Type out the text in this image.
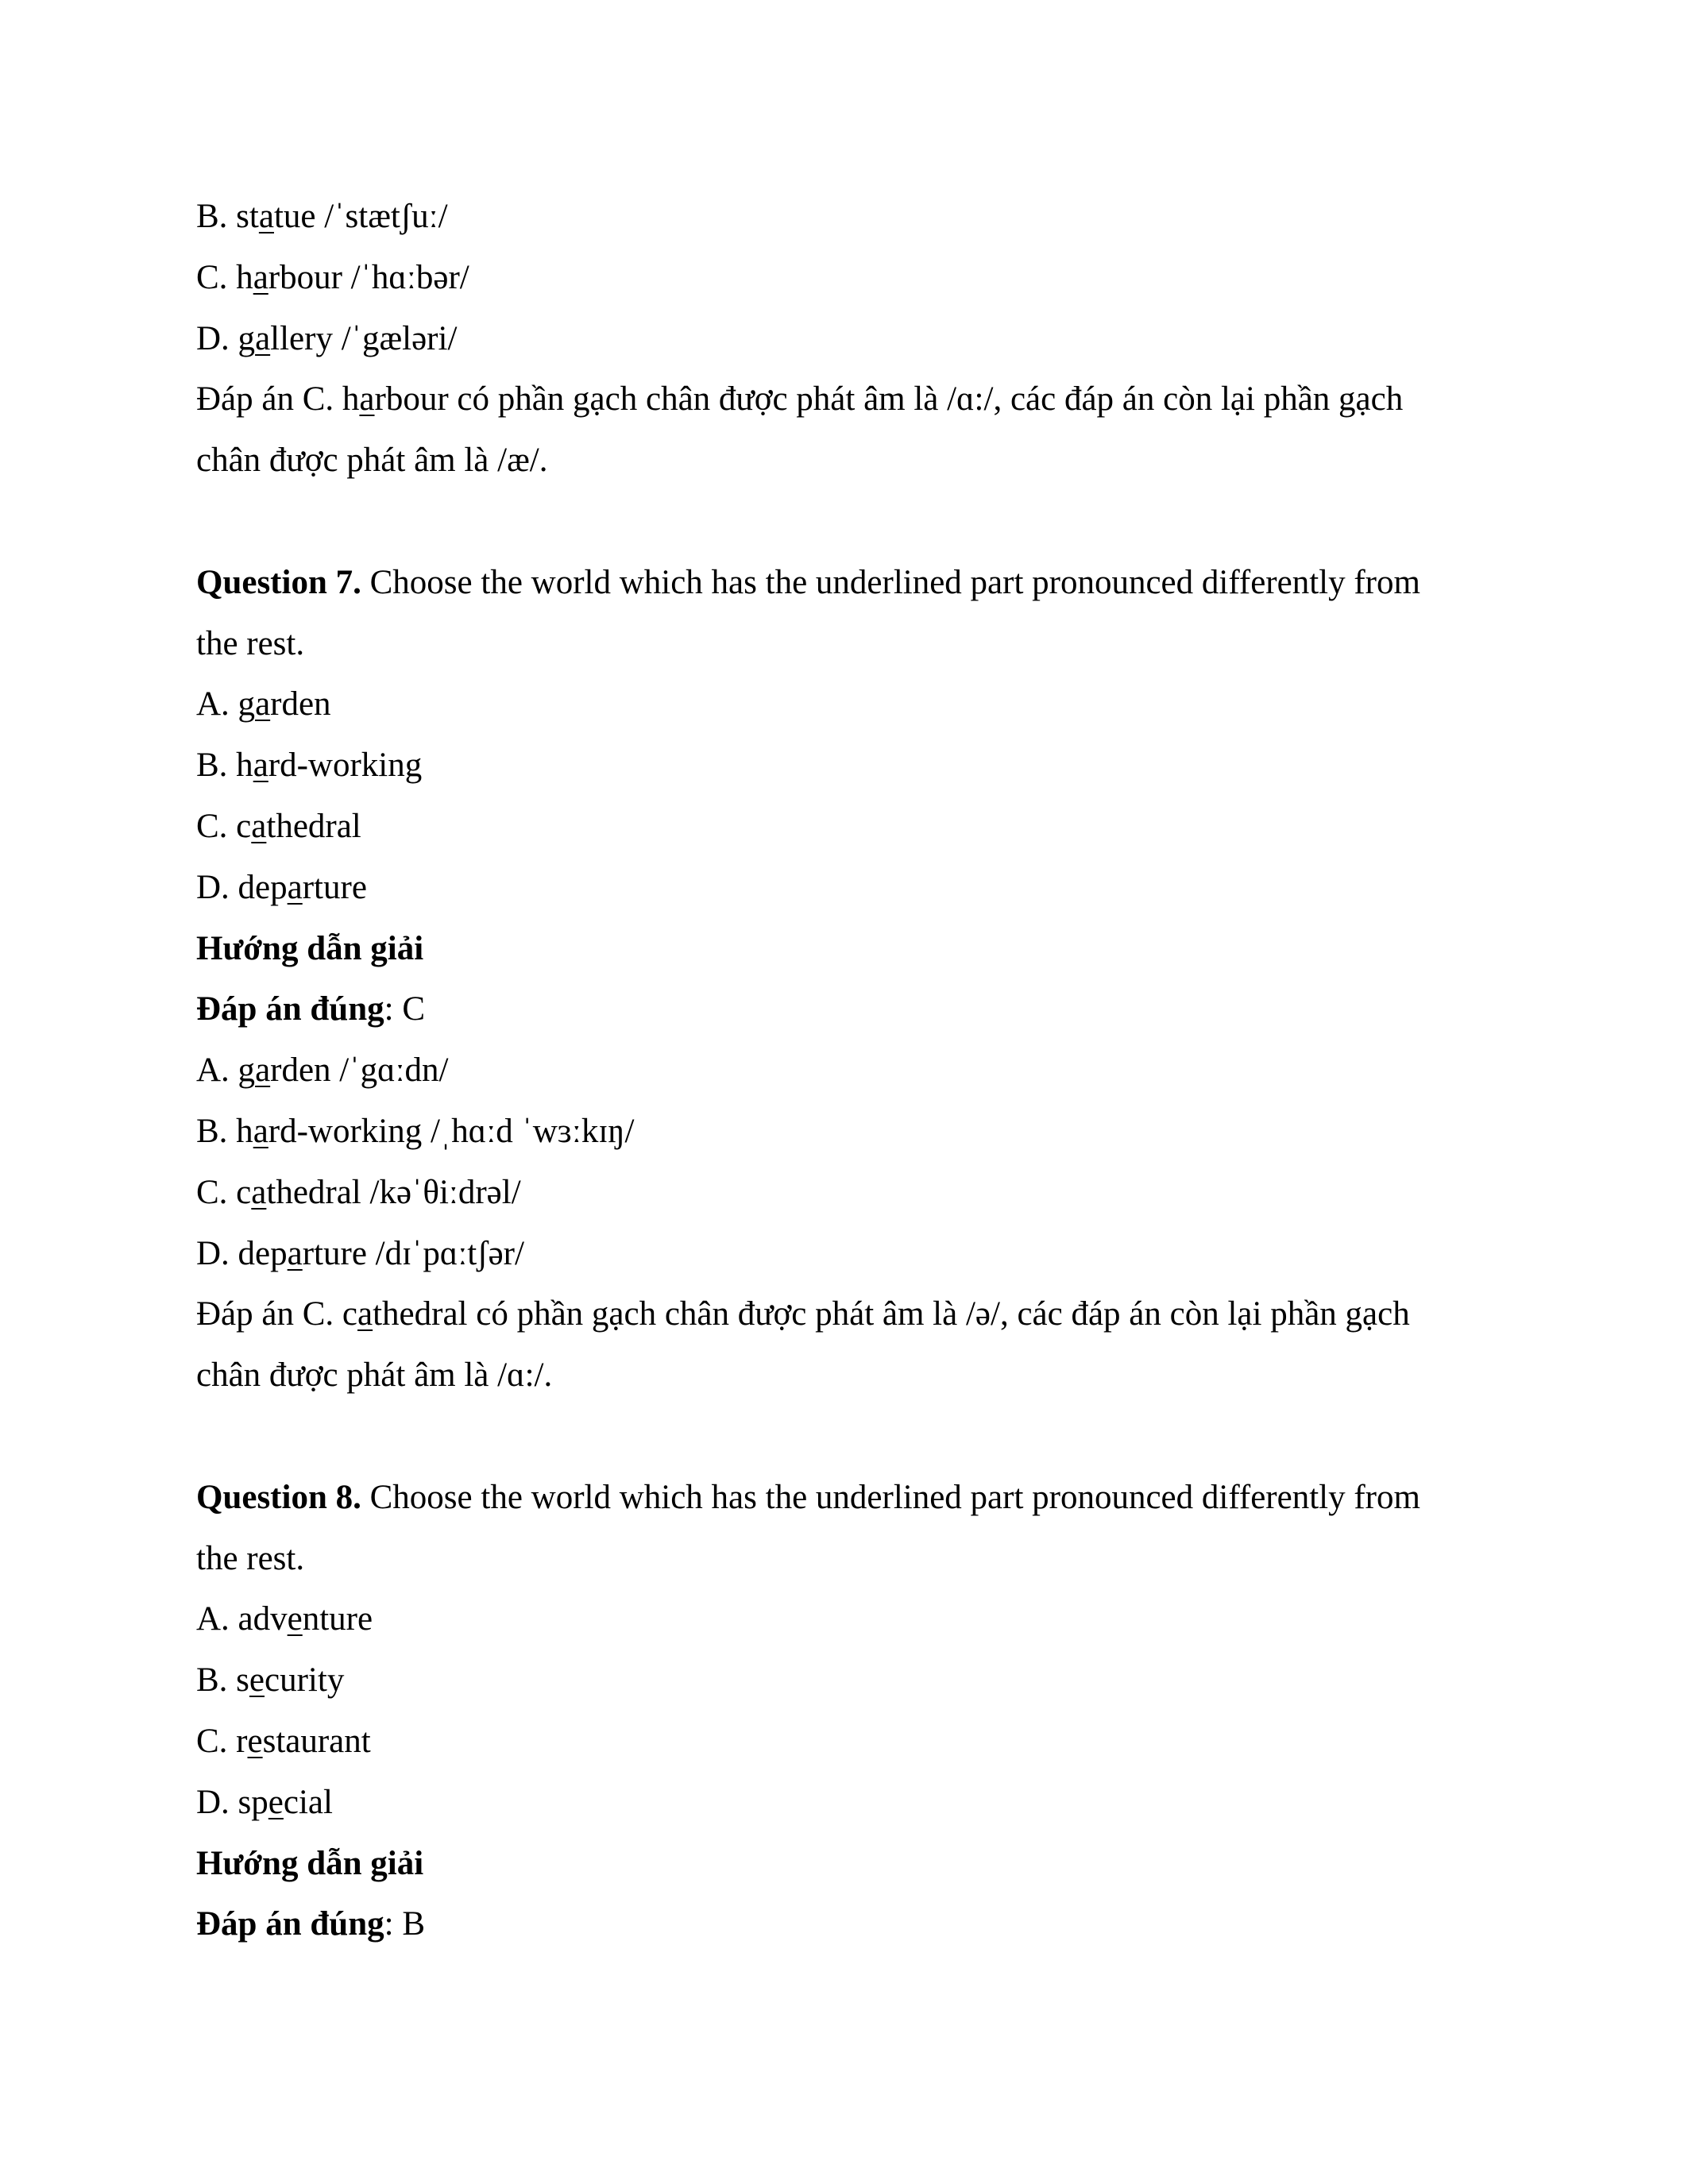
B. statue /ˈstætʃuː/
C. harbour /ˈhɑːbər/
D. gallery /ˈgæləri/
Đáp án C. harbour có phần gạch chân được phát âm là /ɑ:/, các đáp án còn lại phần gạch
chân được phát âm là /æ/.
Question 7. Choose the world which has the underlined part pronounced differently from
the rest.
A. garden
B. hard-working
C. cathedral
D. departure
Hướng dẫn giải
Đáp án đúng: C
A. garden /ˈgɑːdn/
B. hard-working /ˌhɑːd ˈwɜːkɪŋ/
C. cathedral /kəˈθiːdrəl/
D. departure /dɪˈpɑːtʃər/
Đáp án C. cathedral có phần gạch chân được phát âm là /ə/, các đáp án còn lại phần gạch
chân được phát âm là /ɑ:/.
Question 8. Choose the world which has the underlined part pronounced differently from
the rest.
A. adventure
B. security
C. restaurant
D. special
Hướng dẫn giải
Đáp án đúng: B
